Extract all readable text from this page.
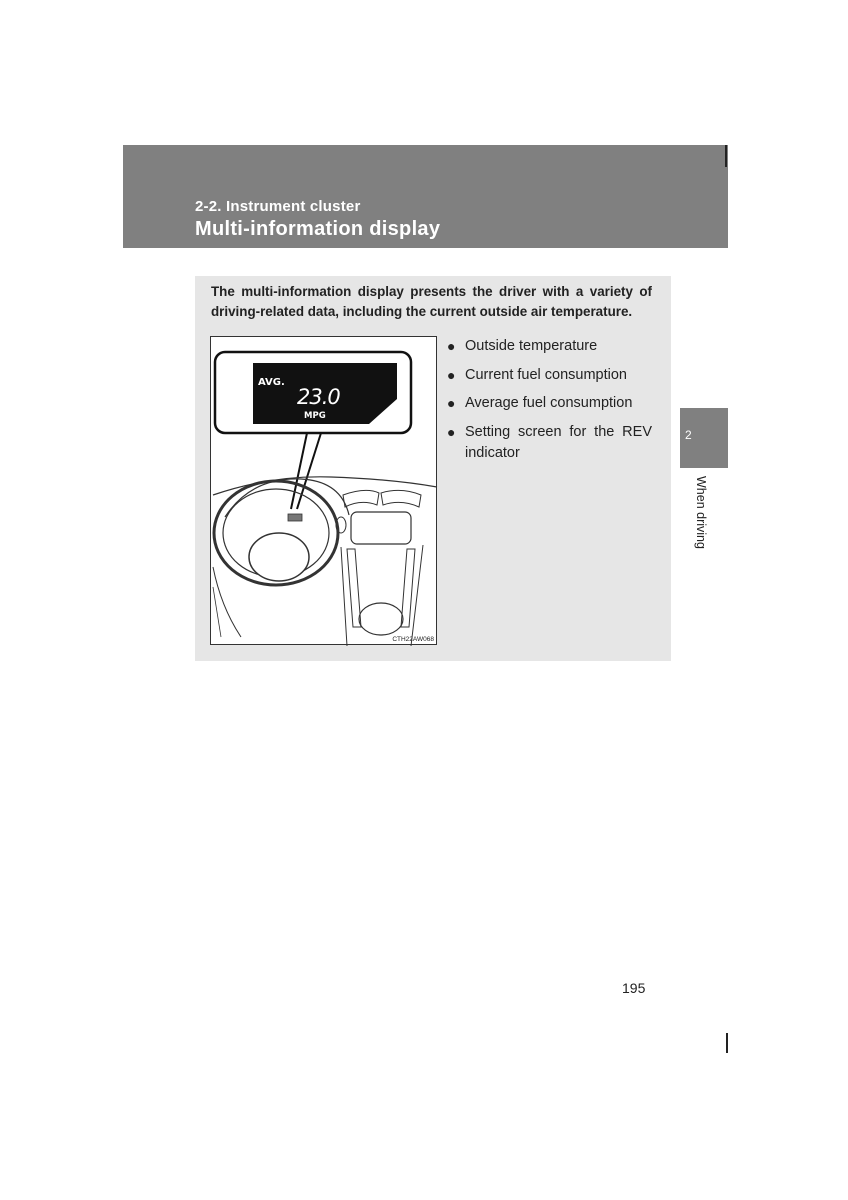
2-2. Instrument cluster
Multi-information display
The multi-information display presents the driver with a variety of driving-related data, including the current outside air temperature.
AVG.
23.0
MPG
CTH22AW068
● Outside temperature
● Current fuel consumption
● Average fuel consumption
● Setting screen for the REV indicator
2
When driving
195
